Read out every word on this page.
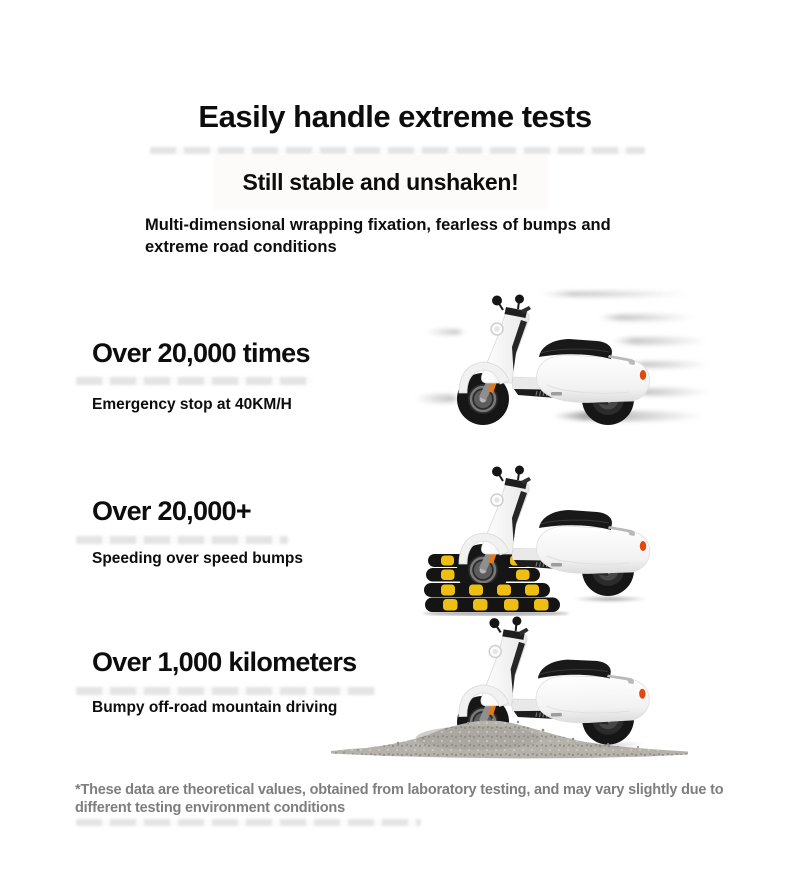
Easily handle extreme tests
Still stable and unshaken!
Multi-dimensional wrapping fixation, fearless of bumps and extreme road conditions
Over 20,000 times
Emergency stop at 40KM/H
Over 20,000+
Speeding over speed bumps
Over 1,000 kilometers
Bumpy off-road mountain driving
*These data are theoretical values, obtained from laboratory testing, and may vary slightly due to different testing environment conditions
